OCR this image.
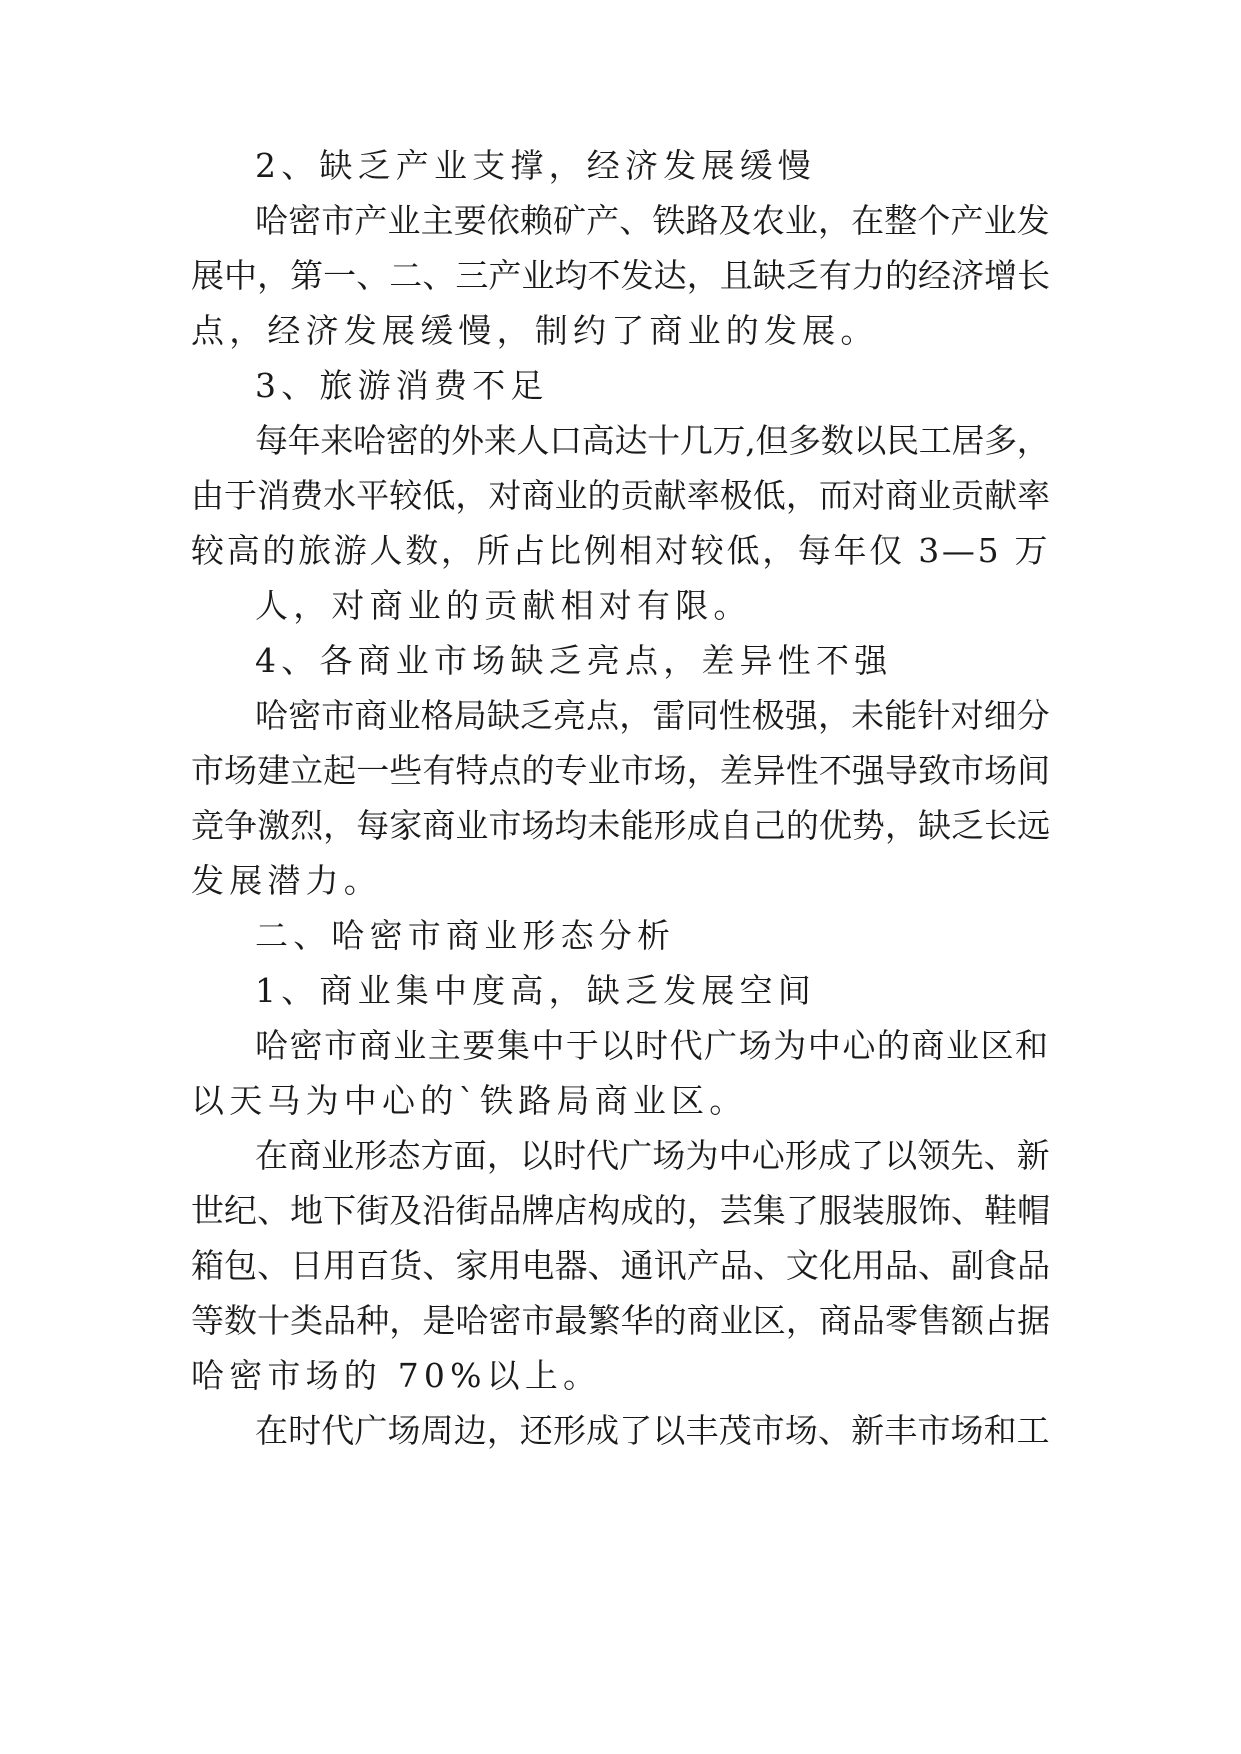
2、缺乏产业支撑，经济发展缓慢
哈密市产业主要依赖矿产、铁路及农业，在整个产业发
展中，第一、二、三产业均不发达，且缺乏有力的经济增长
点，经济发展缓慢，制约了商业的发展。
3、旅游消费不足
每年来哈密的外来人口高达十几万,但多数以民工居多，
由于消费水平较低，对商业的贡献率极低，而对商业贡献率
较高的旅游人数，所占比例相对较低，每年仅 3—5 万
人，对商业的贡献相对有限。
4、各商业市场缺乏亮点，差异性不强
哈密市商业格局缺乏亮点，雷同性极强，未能针对细分
市场建立起一些有特点的专业市场，差异性不强导致市场间
竞争激烈，每家商业市场均未能形成自己的优势，缺乏长远
发展潜力。
二、哈密市商业形态分析
1、商业集中度高，缺乏发展空间
哈密市商业主要集中于以时代广场为中心的商业区和
以天马为中心的`铁路局商业区。
在商业形态方面，以时代广场为中心形成了以领先、新
世纪、地下街及沿街品牌店构成的，芸集了服装服饰、鞋帽
箱包、日用百货、家用电器、通讯产品、文化用品、副食品
等数十类品种，是哈密市最繁华的商业区，商品零售额占据
哈密市场的 70%以上。
在时代广场周边，还形成了以丰茂市场、新丰市场和工
